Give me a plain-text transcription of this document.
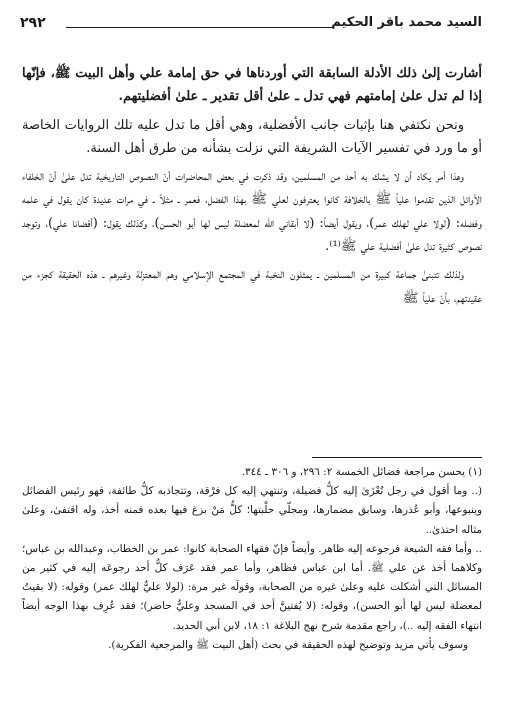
السيد محمد باقر الحكيم
٢٩٢

أشارت إلىٰ ذلك الأدلة السابقة التي أوردناها في حق إمامة علي وأهل البيت ﷺ، فإنّها إذا لم تدل علىٰ إمامتهم فهي تدل ـ علىٰ أقل تقدير ـ علىٰ أفضليتهم.

ونحن نكتفي هنا بإثبات جانب الأفضلية، وهي أقل ما تدل عليه تلك الروايات الخاصة أو ما ورد في تفسير الآيات الشريفة التي نزلت بشأنه من طرق أهل السنة.

وهذا أمر يكاد أن لا يشك به أحد من المسلمين، وقد ذكرت في بعض المحاضرات أنّ النصوص التاريخية تدل علىٰ أنّ الخلفاء الأوائل الذين تقدموا علياً ﷺ بالخلافة كانوا يعترفون لعلي ﷺ بهذا الفضل، فعمر ـ مثلاً ـ في مرات عديدة كان يقول في علمه وفضله: (لولا علي لهلك عمر)، ويقول أيضاً: (لا أبقاني الله لمعضلة ليس لها أبو الحسن)، وكذلك يقول: (أقضانا علي)، وتوجد نصوص كثيرة تدل علىٰ أفضلية علي ﷺ⁽¹⁾.

ولذلك تتبنىٰ جماعة كبيرة من المسلمين ـ يمثلون النخبة في المجتمع الإسلامي وهم المعتزلة وغيرهم ـ هذه الحقيقة كجزء من عقيدتهم، بأنّ علياً ﷺ

(١) يحسن مراجعة فضائل الخمسة ٢: ٢٩٦، و ٣٠٦ ـ ٣٤٤.

(.. وما أقول في رجل تُعْزَىٰ إليه كلُّ فضيلة، وتنتهي إليه كل فرْقة، وتتجاذبه كلُّ طائفة، فهو رئيس الفضائل وينبوعها، وأبو عُذرها، وسابق مضمارها، ومجلّي حلْبتها؛ كلُّ مَنْ بزغ فيها بعده فمنه أخذ، وله اقتفىٰ، وعلىٰ مثاله احتذىٰ..

.. وأما فقه الشيعة فرجوعه إليه ظاهر. وأيضاً فإنّ فقهاء الصحابة كانوا: عمر بن الخطاب، وعبدالله بن عباس؛ وكلاهما أخذ عن علي ﷺ. أما ابن عباس فظاهر، وأما عمر فقد عَرَف كلٌّ أحد رجوعَه إليه في كثير من المسائل التي أشكلت عليه وعلىٰ غيره من الصحابة، وقولَه غير مرة: (لولا عليٌّ لهلك عمر) وقوله: (لا بقيتُ لمعضلة ليس لها أبو الحسن)، وقوله: (لا يُفتينَّ أحد في المسجد وعليٌّ حاضر)؛ فقد عُرِف بهذا الوجه أيضاً انتهاء الفقه إليه ..)، راجع مقدمة شرح نهج البلاغة ١: ١٨، لابن أبي الحديد.

وسوف يأتي مزيد وتوضيح لهذه الحقيقة في بحث (أهل البيت ﷺ والمرجعية الفكرية).
